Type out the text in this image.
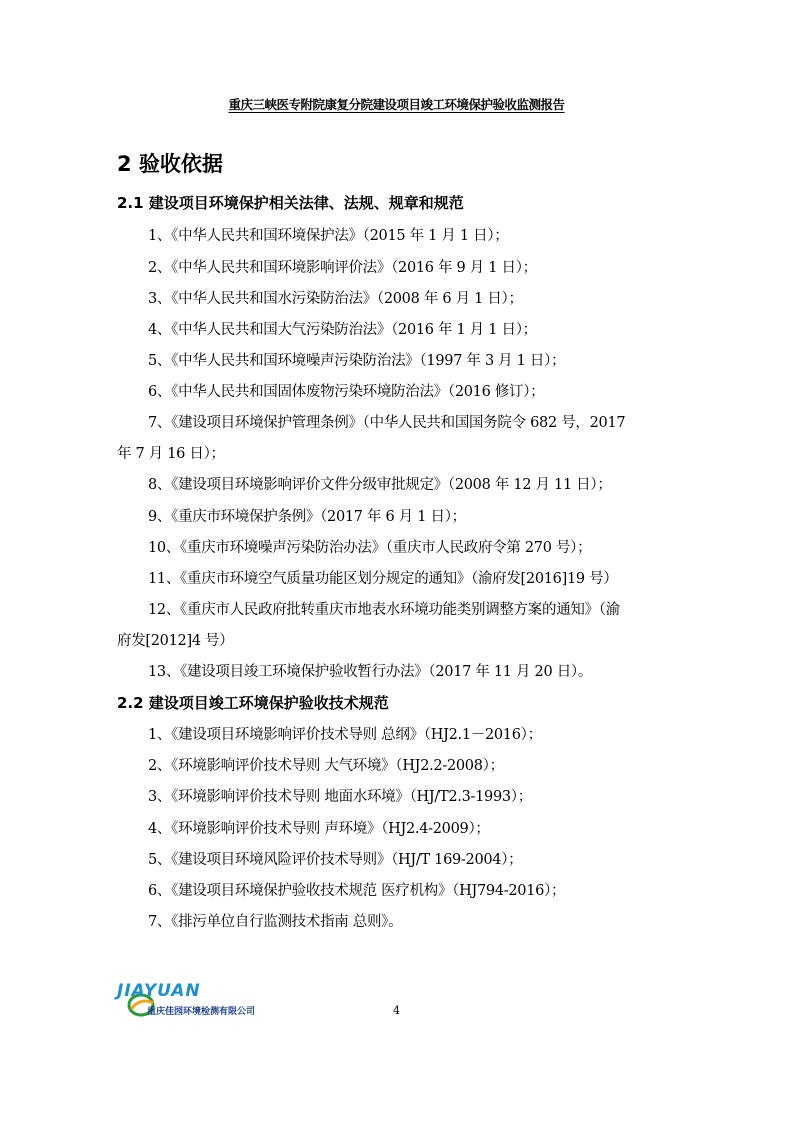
重庆三峡医专附院康复分院建设项目竣工环境保护验收监测报告
2 验收依据
2.1 建设项目环境保护相关法律、法规、规章和规范
1、《中华人民共和国环境保护法》（2015 年 1 月 1 日）；
2、《中华人民共和国环境影响评价法》（2016 年 9 月 1 日）；
3、《中华人民共和国水污染防治法》（2008 年 6 月 1 日）；
4、《中华人民共和国大气污染防治法》（2016 年 1 月 1 日）；
5、《中华人民共和国环境噪声污染防治法》（1997 年 3 月 1 日）；
6、《中华人民共和国固体废物污染环境防治法》（2016 修订）；
7、《建设项目环境保护管理条例》（中华人民共和国国务院令 682 号，2017
年 7 月 16 日）；
8、《建设项目环境影响评价文件分级审批规定》（2008 年 12 月 11 日）；
9、《重庆市环境保护条例》（2017 年 6 月 1 日）；
10、《重庆市环境噪声污染防治办法》（重庆市人民政府令第 270 号）；
11、《重庆市环境空气质量功能区划分规定的通知》（渝府发[2016]19 号）
12、《重庆市人民政府批转重庆市地表水环境功能类别调整方案的通知》（渝
府发[2012]4 号）
13、《建设项目竣工环境保护验收暂行办法》（2017 年 11 月 20 日）。
2.2 建设项目竣工环境保护验收技术规范
1、《建设项目环境影响评价技术导则 总纲》（HJ2.1－2016）；
2、《环境影响评价技术导则 大气环境》（HJ2.2-2008）；
3、《环境影响评价技术导则 地面水环境》（HJ/T2.3-1993）；
4、《环境影响评价技术导则 声环境》（HJ2.4-2009）；
5、《建设项目环境风险评价技术导则》（HJ/T 169-2004）；
6、《建设项目环境保护验收技术规范 医疗机构》（HJ794-2016）；
7、《排污单位自行监测技术指南 总则》。
JIAYUAN
重庆佳园环境检测有限公司	4
